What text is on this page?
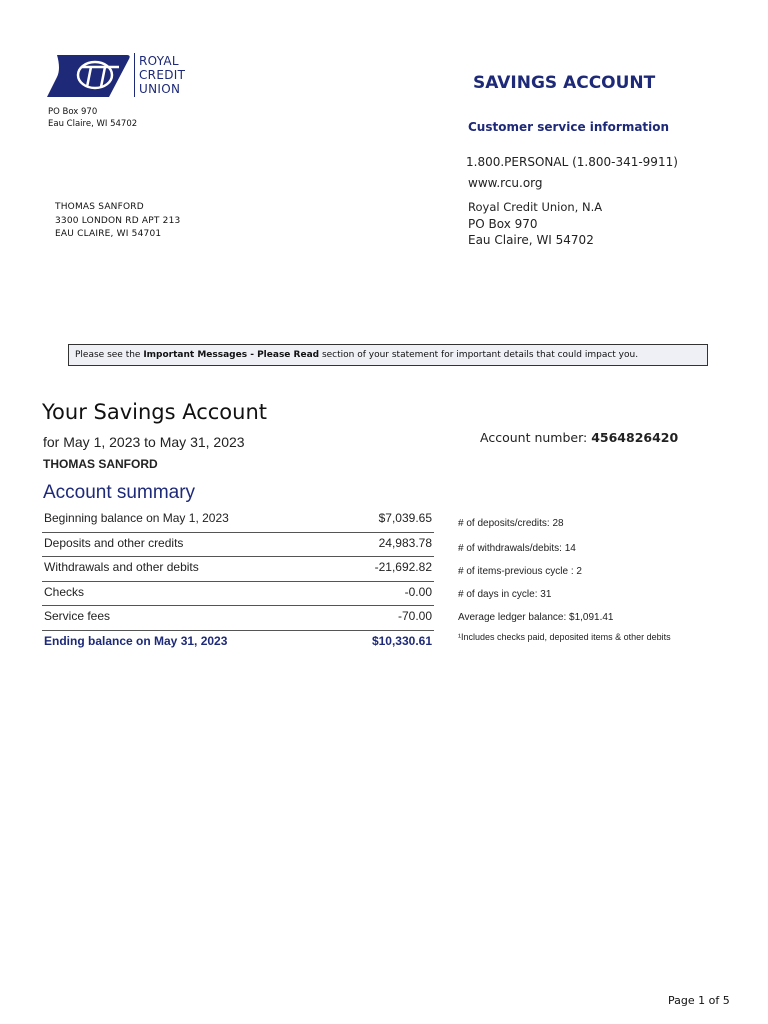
ROYAL
CREDIT
UNION
PO Box 970
Eau Claire, WI 54702
THOMAS SANFORD
3300 LONDON RD APT 213
EAU CLAIRE, WI 54701
SAVINGS ACCOUNT
Customer service information
1.800.PERSONAL (1.800-341-9911)
www.rcu.org
Royal Credit Union, N.A
PO Box 970
Eau Claire, WI 54702
Please see the Important Messages - Please Read section of your statement for important details that could impact you.
Your Savings Account
for May 1, 2023 to May 31, 2023
THOMAS SANFORD
Account number: 4564826420
Account summary
Beginning balance on May 1, 2023	$7,039.65
Deposits and other credits	24,983.78
Withdrawals and other debits	-21,692.82
Checks	-0.00
Service fees	-70.00
Ending balance on May 31, 2023	$10,330.61
# of deposits/credits: 28
# of withdrawals/debits: 14
# of items-previous cycle : 2
# of days in cycle: 31
Average ledger balance: $1,091.41
¹Includes checks paid, deposited items & other debits
Page 1 of 5
